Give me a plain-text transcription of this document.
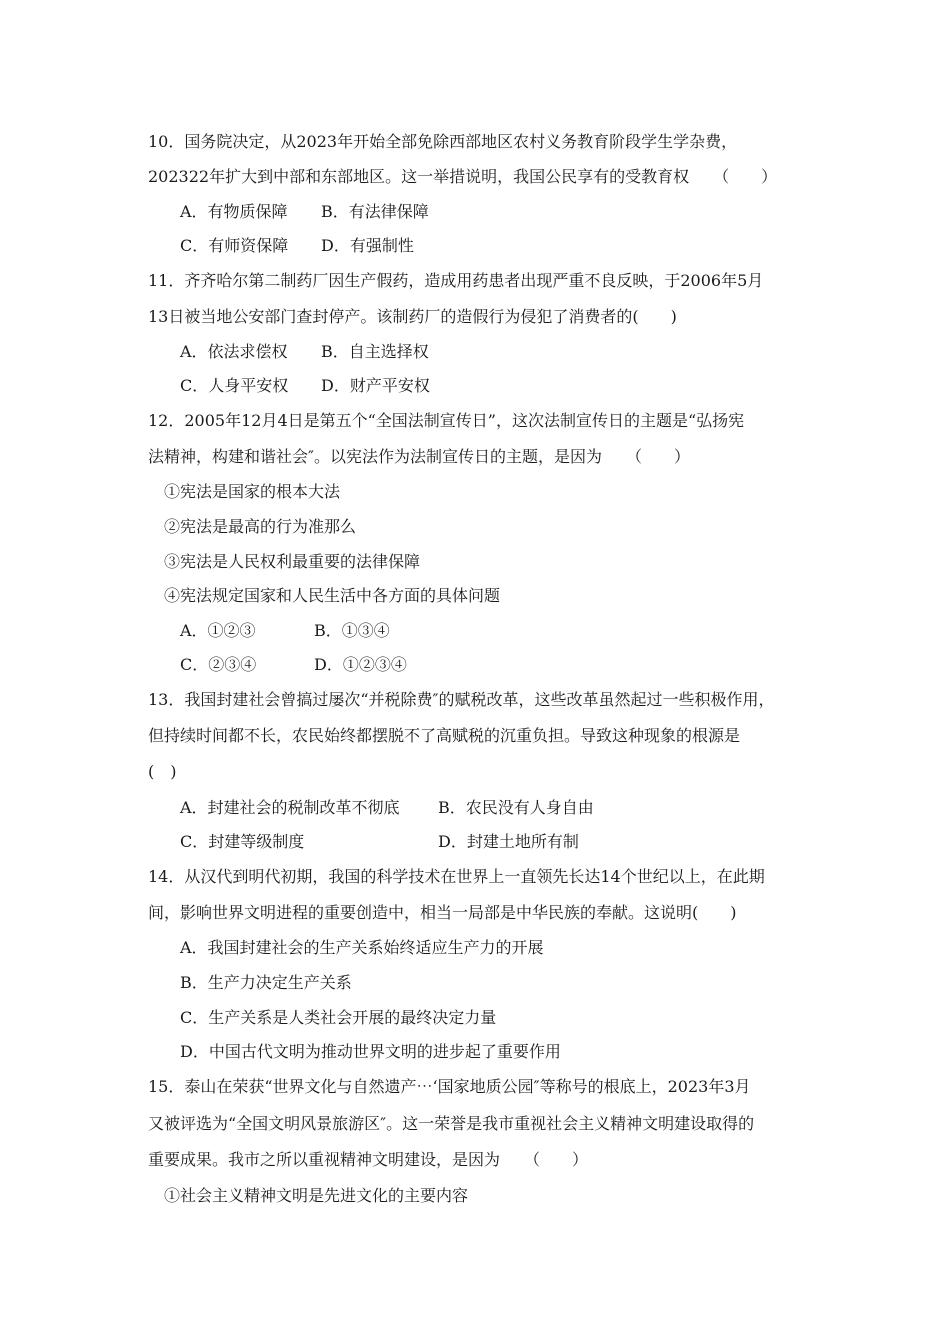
10．国务院决定，从2023年开始全部免除西部地区农村义务教育阶段学生学杂费，
202322年扩大到中部和东部地区。这一举措说明，我国公民享有的受教育权　　（　　）
A．有物质保障 B．有法律保障
C．有师资保障 D．有强制性
11．齐齐哈尔第二制药厂因生产假药，造成用药患者出现严重不良反映，于2006年5月
13日被当地公安部门查封停产。该制药厂的造假行为侵犯了消费者的(　　)
A．依法求偿权 B．自主选择权
C．人身平安权 D．财产平安权
12．2005年12月4日是第五个“全国法制宣传日”，这次法制宣传日的主题是“弘扬宪
法精神，构建和谐社会″。以宪法作为法制宣传日的主题，是因为　　（　　）
①宪法是国家的根本大法
②宪法是最高的行为准那么
③宪法是人民权利最重要的法律保障
④宪法规定国家和人民生活中各方面的具体问题
A．①②③	B．①③④
C．②③④	D．①②③④
13．我国封建社会曾搞过屡次“并税除费″的赋税改革，这些改革虽然起过一些积极作用，
但持续时间都不长，农民始终都摆脱不了高赋税的沉重负担。导致这种现象的根源是
(　)
A．封建社会的税制改革不彻底 B．农民没有人身自由
C．封建等级制度	D．封建土地所有制
14．从汉代到明代初期，我国的科学技术在世界上一直领先长达14个世纪以上，在此期
间，影响世界文明进程的重要创造中，相当一局部是中华民族的奉献。这说明(　　)
A．我国封建社会的生产关系始终适应生产力的开展
B．生产力决定生产关系
C．生产关系是人类社会开展的最终决定力量
D．中国古代文明为推动世界文明的进步起了重要作用
15．泰山在荣获“世界文化与自然遗产⋯‘国家地质公园″等称号的根底上，2023年3月
又被评选为“全国文明风景旅游区″。这一荣誉是我市重视社会主义精神文明建设取得的
重要成果。我市之所以重视精神文明建设，是因为　　（　　）
①社会主义精神文明是先进文化的主要内容
